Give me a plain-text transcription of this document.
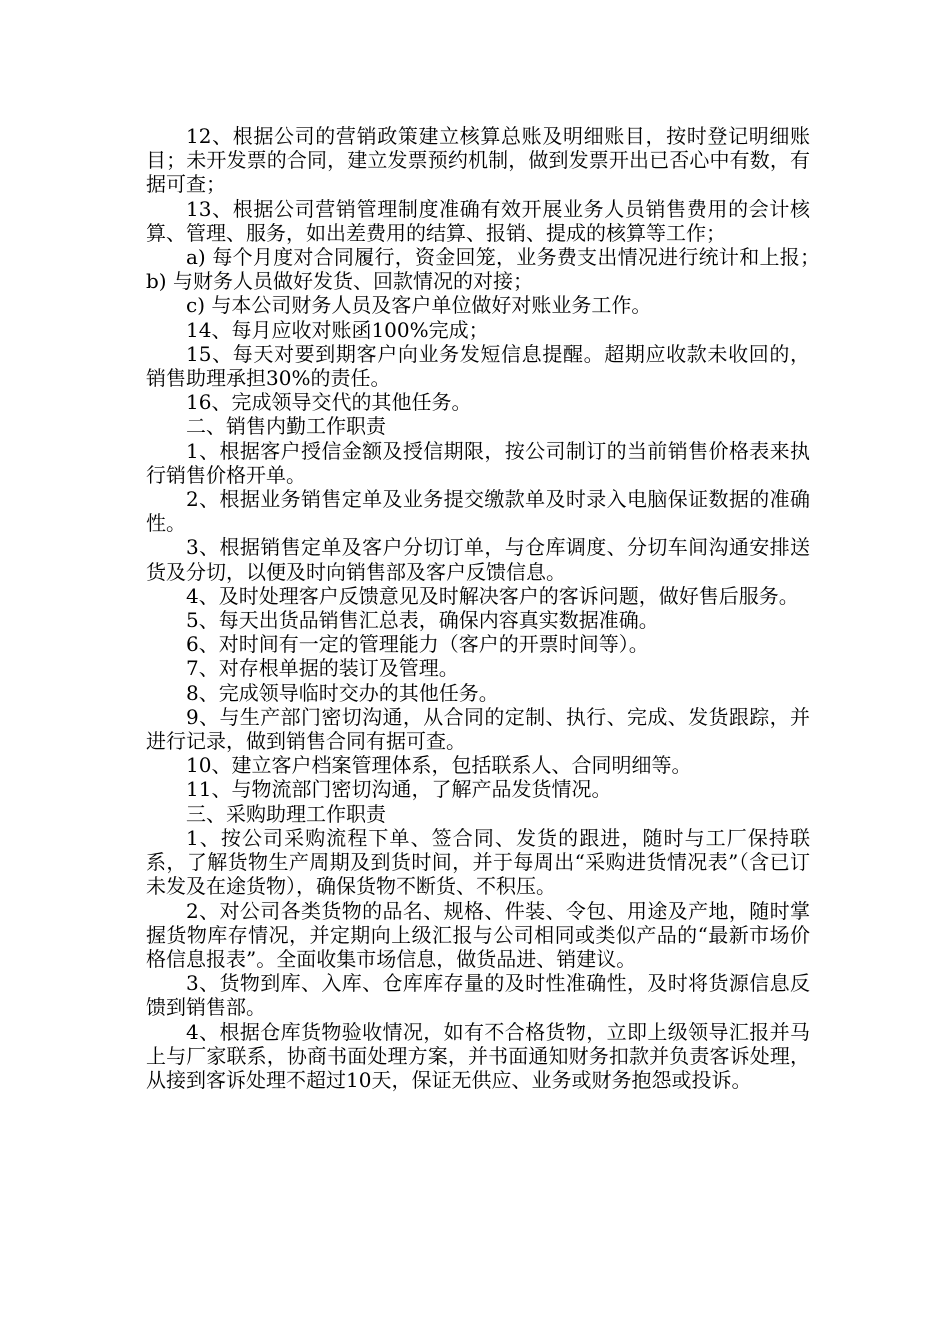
12、根据公司的营销政策建立核算总账及明细账目，按时登记明细账目；未开发票的合同，建立发票预约机制，做到发票开出已否心中有数，有据可查；

13、根据公司营销管理制度准确有效开展业务人员销售费用的会计核算、管理、服务，如出差费用的结算、报销、提成的核算等工作；

a) 每个月度对合同履行，资金回笼，业务费支出情况进行统计和上报；　b) 与财务人员做好发货、回款情况的对接；

c) 与本公司财务人员及客户单位做好对账业务工作。

14、每月应收对账函100%完成；

15、每天对要到期客户向业务发短信息提醒。超期应收款未收回的，销售助理承担30%的责任。

16、完成领导交代的其他任务。

二、销售内勤工作职责

1、根据客户授信金额及授信期限，按公司制订的当前销售价格表来执行销售价格开单。

2、根据业务销售定单及业务提交缴款单及时录入电脑保证数据的准确性。

3、根据销售定单及客户分切订单，与仓库调度、分切车间沟通安排送货及分切，以便及时向销售部及客户反馈信息。

4、及时处理客户反馈意见及时解决客户的客诉问题，做好售后服务。

5、每天出货品销售汇总表，确保内容真实数据准确。

6、对时间有一定的管理能力（客户的开票时间等）。

7、对存根单据的装订及管理。

8、完成领导临时交办的其他任务。

9、与生产部门密切沟通，从合同的定制、执行、完成、发货跟踪，并进行记录，做到销售合同有据可查。

10、建立客户档案管理体系，包括联系人、合同明细等。

11、与物流部门密切沟通，了解产品发货情况。

三、采购助理工作职责

1、按公司采购流程下单、签合同、发货的跟进，随时与工厂保持联系，了解货物生产周期及到货时间，并于每周出“采购进货情况表”（含已订未发及在途货物），确保货物不断货、不积压。

2、对公司各类货物的品名、规格、件装、令包、用途及产地，随时掌握货物库存情况，并定期向上级汇报与公司相同或类似产品的“最新市场价格信息报表”。全面收集市场信息，做货品进、销建议。

3、货物到库、入库、仓库库存量的及时性准确性，及时将货源信息反馈到销售部。

4、根据仓库货物验收情况，如有不合格货物，立即上级领导汇报并马上与厂家联系，协商书面处理方案，并书面通知财务扣款并负责客诉处理，从接到客诉处理不超过10天，保证无供应、业务或财务抱怨或投诉。
